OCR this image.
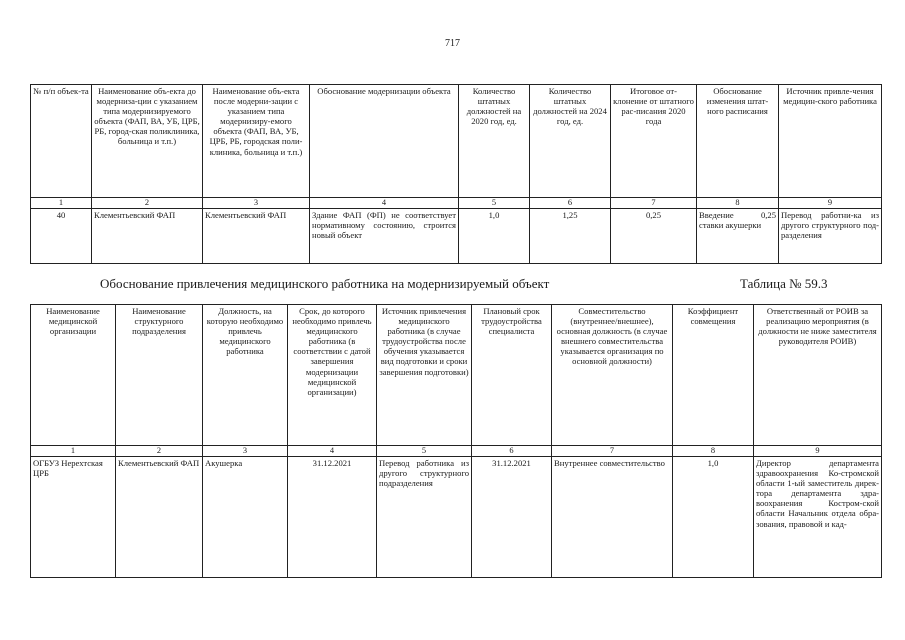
717
№ п/п объек-та	Наименование объ-екта до модерниза-ции с указанием типа модернизируемого объекта (ФАП, ВА, УБ, ЦРБ, РБ, город-ская поликлиника, больница и т.п.)	Наименование объ-екта после модерни-зации с указанием типа модернизиру-емого объекта (ФАП, ВА, УБ, ЦРБ, РБ, городская поли-клиника, больница и т.п.)	Обоснование модернизации объекта	Количество штатных должностей на 2020 год, ед.	Количество штатных должностей на 2024 год, ед.	Итоговое от-клонение от штатного рас-писания 2020 года	Обоснование изменения штат-ного расписания	Источник привле-чения медицин-ского работника
1	2	3	4	5	6	7	8	9
40	Клементьевский ФАП	Клементьевский ФАП	Здание ФАП (ФП) не соответствует нормативному состоянию, строится новый объект	1,0	1,25	0,25	Введение 0,25 ставки акушерки	Перевод работни-ка из другого структурного под-разделения
Обоснование привлечения медицинского работника на модернизируемый объект	Таблица № 59.3
Наименование медицинской организации	Наименование структурного подразделения	Должность, на которую необходимо привлечь медицинского работника	Срок, до которого необходимо привлечь медицинского работника (в соответствии с датой завершения модернизации медицинской организации)	Источник привлечения медицинского работника (в случае трудоустройства после обучения указывается вид подготовки и сроки завершения подготовки)	Плановый срок трудоустройства специалиста	Совместительство (внутреннее/внешнее), основная должность (в случае внешнего совместительства указывается организация по основной должности)	Коэффициент совмещения	Ответственный от РОИВ за реализацию мероприятия (в должности не ниже заместителя руководителя РОИВ)
1	2	3	4	5	6	7	8	9
ОГБУЗ Нерехтская ЦРБ	Клементьевский ФАП	Акушерка	31.12.2021	Перевод работника из другого структурного подразделения	31.12.2021	Внутреннее совместительство	1,0	Директор департамента здравоохранения Ко-стромской области 1-ый заместитель дирек-тора департамента здра-воохранения Костром-ской области Начальник отдела обра-зования, правовой и кад-
